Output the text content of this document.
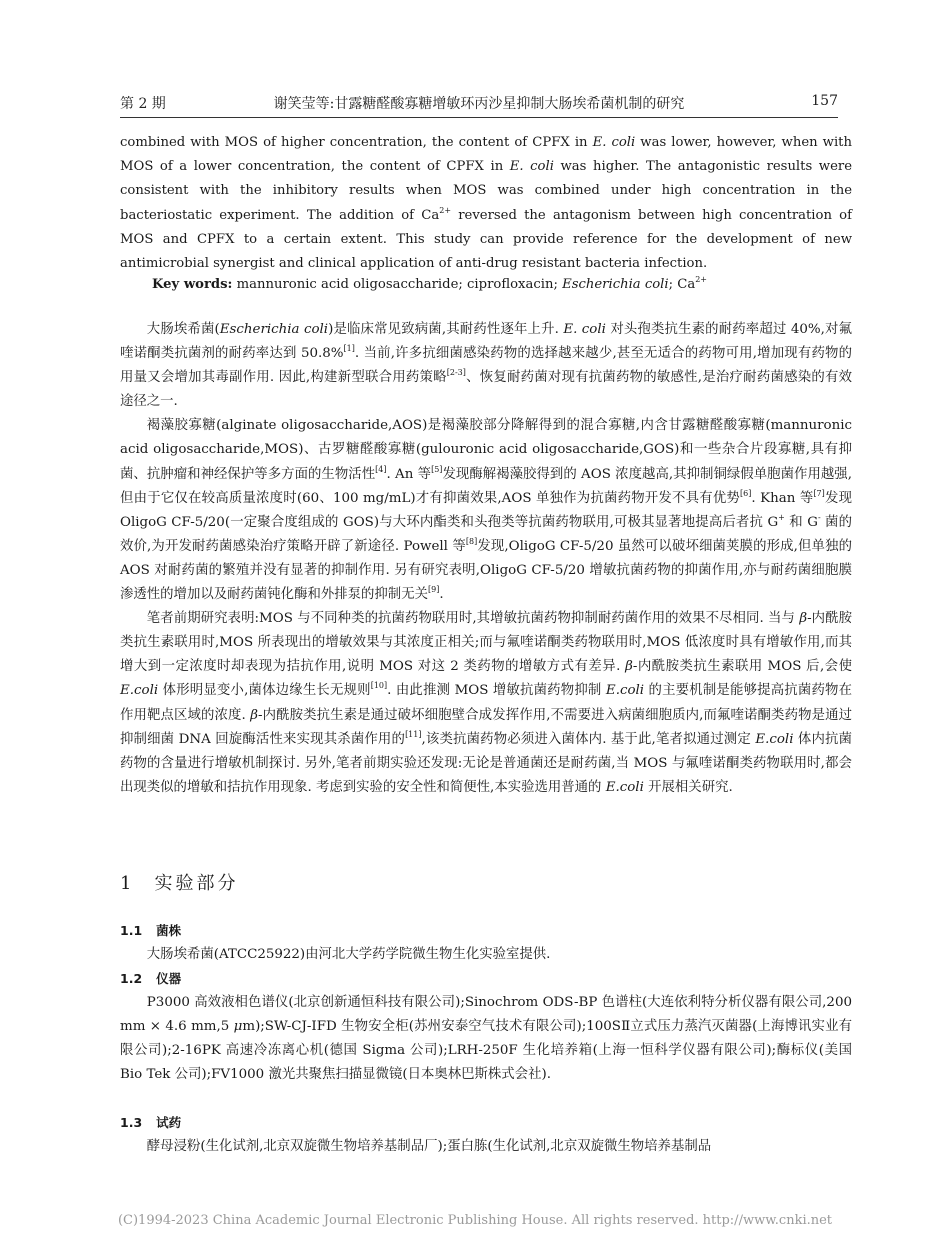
第 2 期	谢笑莹等:甘露糖醛酸寡糖增敏环丙沙星抑制大肠埃希菌机制的研究	157

combined with MOS of higher concentration, the content of CPFX in E. coli was lower, however, when with MOS of a lower concentration, the content of CPFX in E. coli was higher. The antagonistic results were consistent with the inhibitory results when MOS was combined under high concentration in the bacteriostatic experiment. The addition of $Ca^{2+}$ reversed the antagonism between high concentration of MOS and CPFX to a certain extent. This study can provide reference for the development of new antimicrobial synergist and clinical application of anti-drug resistant bacteria infection.

Key words: mannuronic acid oligosaccharide; ciprofloxacin; Escherichia coli; $Ca^{2+}$

大肠埃希菌(Escherichia coli)是临床常见致病菌,其耐药性逐年上升. E. coli 对头孢类抗生素的耐药率超过 40%,对氟喹诺酮类抗菌剂的耐药率达到 50.8%[1]. 当前,许多抗细菌感染药物的选择越来越少,甚至无适合的药物可用,增加现有药物的用量又会增加其毒副作用. 因此,构建新型联合用药策略[2-3]、恢复耐药菌对现有抗菌药物的敏感性,是治疗耐药菌感染的有效途径之一.

褐藻胶寡糖(alginate oligosaccharide,AOS)是褐藻胶部分降解得到的混合寡糖,内含甘露糖醛酸寡糖(mannuronic acid oligosaccharide,MOS)、古罗糖醛酸寡糖(gulouronic acid oligosaccharide,GOS)和一些杂合片段寡糖,具有抑菌、抗肿瘤和神经保护等多方面的生物活性[4]. An 等[5]发现酶解褐藻胶得到的 AOS 浓度越高,其抑制铜绿假单胞菌作用越强,但由于它仅在较高质量浓度时(60、100 mg/mL)才有抑菌效果,AOS 单独作为抗菌药物开发不具有优势[6]. Khan 等[7]发现 OligoG CF-5/20(一定聚合度组成的 GOS)与大环内酯类和头孢类等抗菌药物联用,可极其显著地提高后者抗 G+ 和 G- 菌的效价,为开发耐药菌感染治疗策略开辟了新途径. Powell 等[8]发现,OligoG CF-5/20 虽然可以破坏细菌荚膜的形成,但单独的 AOS 对耐药菌的繁殖并没有显著的抑制作用. 另有研究表明,OligoG CF-5/20 增敏抗菌药物的抑菌作用,亦与耐药菌细胞膜渗透性的增加以及耐药菌钝化酶和外排泵的抑制无关[9].

笔者前期研究表明:MOS 与不同种类的抗菌药物联用时,其增敏抗菌药物抑制耐药菌作用的效果不尽相同. 当与 β-内酰胺类抗生素联用时,MOS 所表现出的增敏效果与其浓度正相关;而与氟喹诺酮类药物联用时,MOS 低浓度时具有增敏作用,而其增大到一定浓度时却表现为拮抗作用,说明 MOS 对这 2 类药物的增敏方式有差异. β-内酰胺类抗生素联用 MOS 后,会使 E.coli 体形明显变小,菌体边缘生长无规则[10]. 由此推测 MOS 增敏抗菌药物抑制 E.coli 的主要机制是能够提高抗菌药物在作用靶点区域的浓度. β-内酰胺类抗生素是通过破坏细胞壁合成发挥作用,不需要进入病菌细胞质内,而氟喹诺酮类药物是通过抑制细菌 DNA 回旋酶活性来实现其杀菌作用的[11],该类抗菌药物必须进入菌体内. 基于此,笔者拟通过测定 E.coli 体内抗菌药物的含量进行增敏机制探讨. 另外,笔者前期实验还发现:无论是普通菌还是耐药菌,当 MOS 与氟喹诺酮类药物联用时,都会出现类似的增敏和拮抗作用现象. 考虑到实验的安全性和简便性,本实验选用普通的 E.coli 开展相关研究.

1 实验部分
1.1 菌株

大肠埃希菌(ATCC25922)由河北大学药学院微生物生化实验室提供.

1.2 仪器

P3000 高效液相色谱仪(北京创新通恒科技有限公司);Sinochrom ODS-BP 色谱柱(大连依利特分析仪器有限公司,200 mm × 4.6 mm,5 μm);SW-CJ-IFD 生物安全柜(苏州安泰空气技术有限公司);100SⅡ立式压力蒸汽灭菌器(上海博讯实业有限公司);2-16PK 高速冷冻离心机(德国 Sigma 公司);LRH-250F 生化培养箱(上海一恒科学仪器有限公司);酶标仪(美国 Bio Tek 公司);FV1000 激光共聚焦扫描显微镜(日本奥林巴斯株式会社).

1.3 试药

酵母浸粉(生化试剂,北京双旋微生物培养基制品厂);蛋白胨(生化试剂,北京双旋微生物培养基制品

(C)1994-2023 China Academic Journal Electronic Publishing House. All rights reserved. http://www.cnki.net
